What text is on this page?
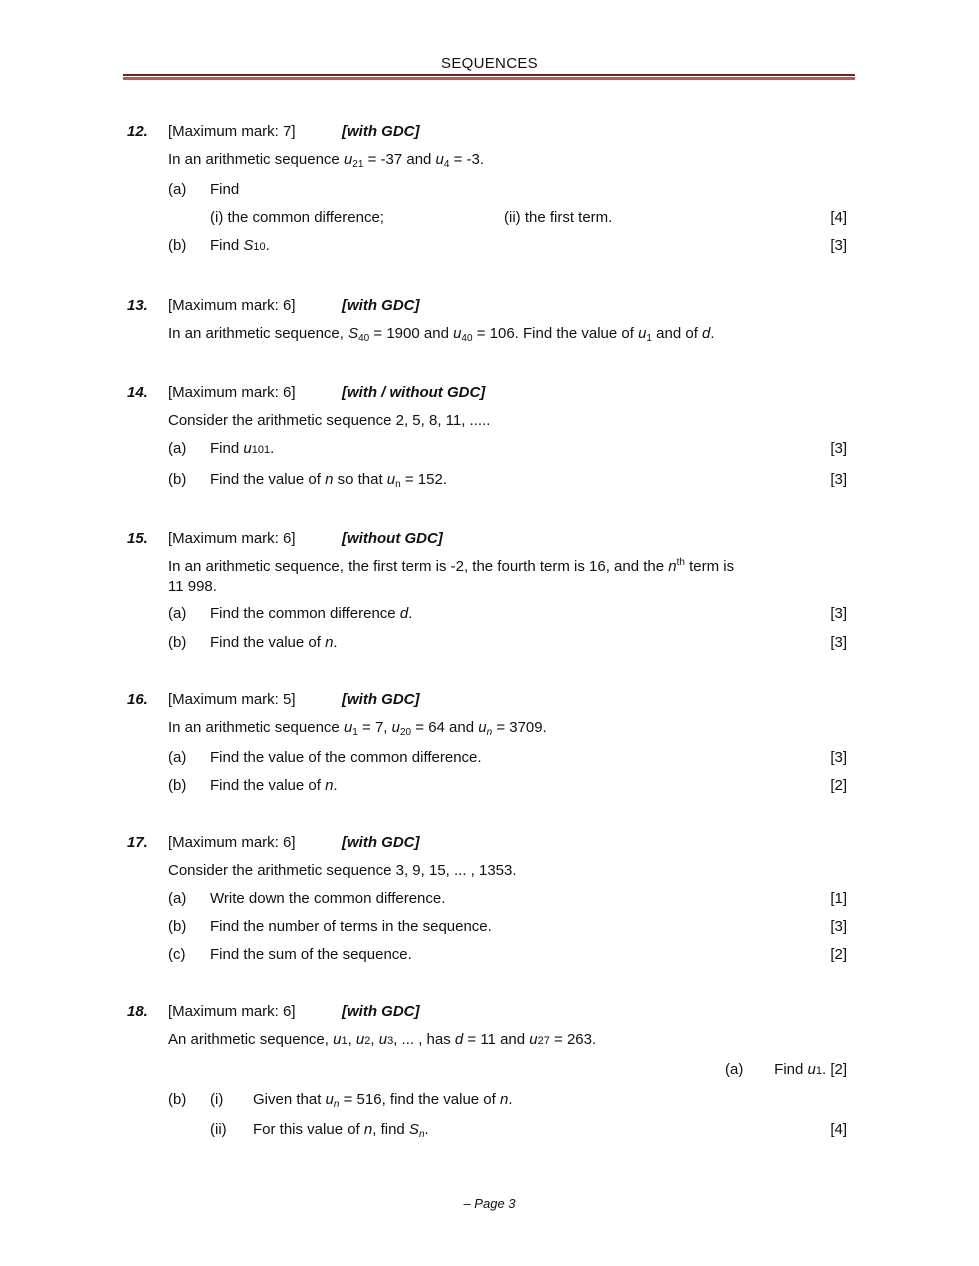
SEQUENCES
12. [Maximum mark: 7]	[with GDC]
In an arithmetic sequence $u_{21} = -37$ and $u_4 = -3$.
(a) Find
(i) the common difference;	(ii) the first term.	[4]
(b) Find S10.	[3]
13. [Maximum mark: 6]	[with GDC]
In an arithmetic sequence, $S_{40} = 1900$ and $u_{40} = 106$. Find the value of $u_1$ and of d.
14. [Maximum mark: 6]	[with / without GDC]
Consider the arithmetic sequence 2, 5, 8, 11, .....
(a) Find u101.	[3]
(b) Find the value of n so that $u_n = 152$.	[3]
15. [Maximum mark: 6]	[without GDC]
In an arithmetic sequence, the first term is -2, the fourth term is 16, and the $n^{th}$ term is
11 998.
(a) Find the common difference d.	[3]
(b) Find the value of n.	[3]
16. [Maximum mark: 5]	[with GDC]
In an arithmetic sequence $u_1 = 7$, $u_{20} = 64$ and $u_n = 3709$.
(a) Find the value of the common difference.	[3]
(b) Find the value of n.	[2]
17. [Maximum mark: 6]	[with GDC]
Consider the arithmetic sequence 3, 9, 15, ... , 1353.
(a) Write down the common difference.	[1]
(b) Find the number of terms in the sequence.	[3]
(c) Find the sum of the sequence.	[2]
18. [Maximum mark: 6]	[with GDC]
An arithmetic sequence, u1, u2, u3, ... , has d = 11 and u27 = 263.
(a) Find u1. [2]
(b) (i) Given that $u_n = 516$, find the value of n.
(ii) For this value of n, find $S_n$.	[4]
– Page 3
